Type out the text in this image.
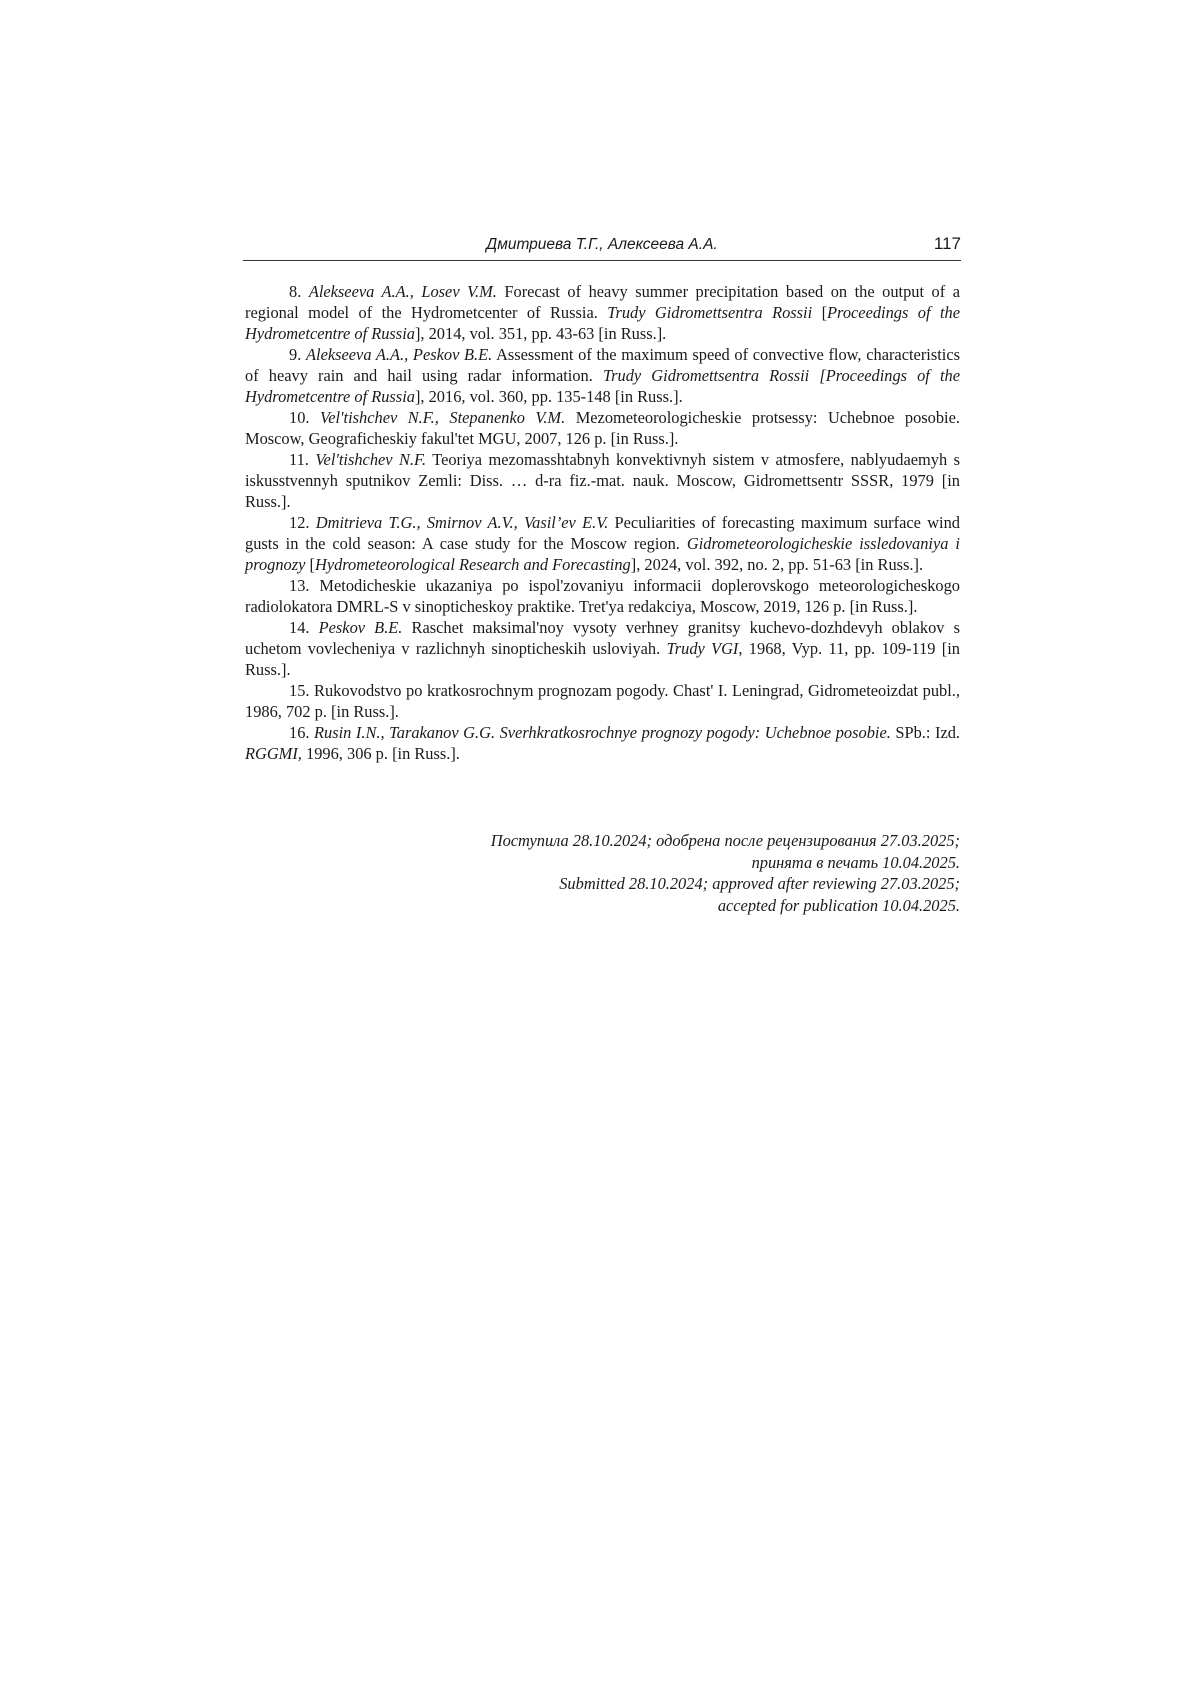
Дмитриева Т.Г., Алексеева А.А.	117

8. Alekseeva A.A., Losev V.M. Forecast of heavy summer precipitation based on the output of a regional model of the Hydrometcenter of Russia. Trudy Gidromettsentra Rossii [Proceedings of the Hydrometcentre of Russia], 2014, vol. 351, pp. 43-63 [in Russ.].

9. Alekseeva A.A., Peskov B.E. Assessment of the maximum speed of convective flow, characteristics of heavy rain and hail using radar information. Trudy Gidromettsentra Rossii [Proceedings of the Hydrometcentre of Russia], 2016, vol. 360, pp. 135-148 [in Russ.].

10. Vel'tishchev N.F., Stepanenko V.M. Mezometeorologicheskie protsessy: Uchebnoe posobie. Moscow, Geograficheskiy fakul'tet MGU, 2007, 126 p. [in Russ.].

11. Vel'tishchev N.F. Teoriya mezomasshtabnyh konvektivnyh sistem v atmosfere, nablyudaemyh s iskusstvennyh sputnikov Zemli: Diss. … d-ra fiz.-mat. nauk. Moscow, Gidromettsentr SSSR, 1979 [in Russ.].

12. Dmitrieva T.G., Smirnov A.V., Vasil’ev E.V. Peculiarities of forecasting maximum surface wind gusts in the cold season: A case study for the Moscow region. Gidrometeorologicheskie issledovaniya i prognozy [Hydrometeorological Research and Forecasting], 2024, vol. 392, no. 2, pp. 51-63 [in Russ.].

13. Metodicheskie ukazaniya po ispol'zovaniyu informacii doplerovskogo meteorologicheskogo radiolokatora DMRL-S v sinopticheskoy praktike. Tret'ya redakciya, Moscow, 2019, 126 p. [in Russ.].

14. Peskov B.E. Raschet maksimal'noy vysoty verhney granitsy kuchevo-dozhdevyh oblakov s uchetom vovlecheniya v razlichnyh sinopticheskih usloviyah. Trudy VGI, 1968, Vyp. 11, pp. 109-119 [in Russ.].

15. Rukovodstvo po kratkosrochnym prognozam pogody. Chast' I. Leningrad, Gidrometeoizdat publ., 1986, 702 p. [in Russ.].

16. Rusin I.N., Tarakanov G.G. Sverhkratkosrochnye prognozy pogody: Uchebnoe posobie. SPb.: Izd. RGGMI, 1996, 306 p. [in Russ.].

Поступила 28.10.2024; одобрена после рецензирования 27.03.2025;
принята в печать 10.04.2025.
Submitted 28.10.2024; approved after reviewing 27.03.2025;
accepted for publication 10.04.2025.
